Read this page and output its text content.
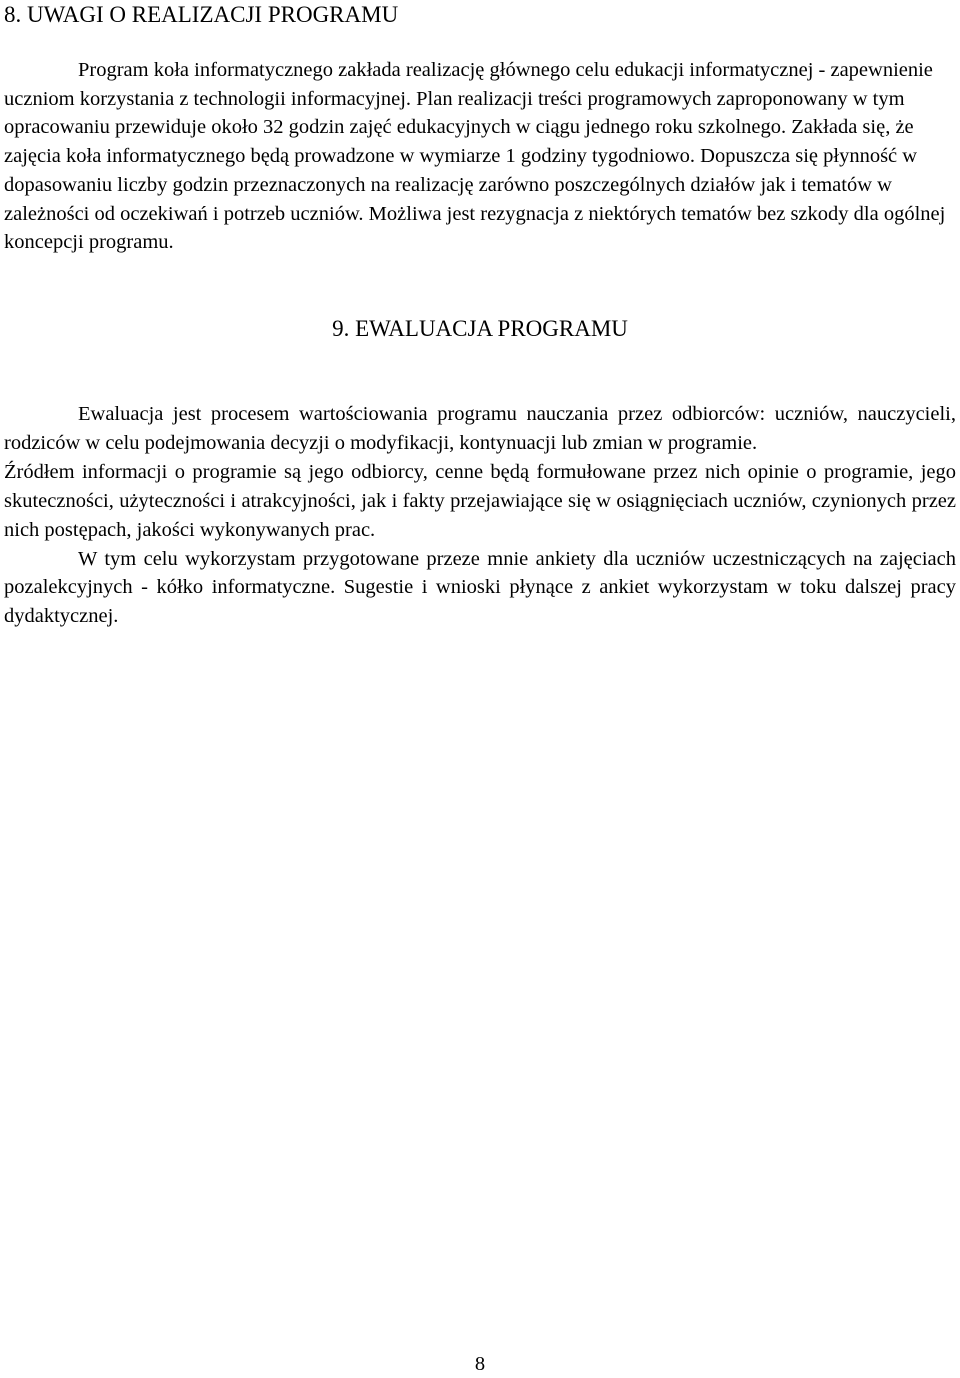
8. UWAGI O REALIZACJI PROGRAMU

Program koła informatycznego zakłada realizację głównego celu edukacji informatycznej - zapewnienie uczniom korzystania z technologii informacyjnej. Plan realizacji treści programowych zaproponowany w tym opracowaniu przewiduje około 32 godzin zajęć edukacyjnych w ciągu jednego roku szkolnego. Zakłada się, że zajęcia koła informatycznego będą prowadzone w wymiarze 1 godziny tygodniowo. Dopuszcza się płynność w dopasowaniu liczby godzin przeznaczonych na realizację zarówno poszczególnych działów jak i tematów w zależności od oczekiwań i potrzeb uczniów. Możliwa jest rezygnacja z niektórych tematów bez szkody dla ogólnej koncepcji programu.

9. EWALUACJA PROGRAMU

Ewaluacja jest procesem wartościowania programu nauczania przez odbiorców: uczniów, nauczycieli, rodziców w celu podejmowania decyzji o modyfikacji, kontynuacji lub zmian w programie.

Źródłem informacji o programie są jego odbiorcy, cenne będą formułowane przez nich opinie o programie, jego skuteczności, użyteczności i atrakcyjności, jak i fakty przejawiające się w osiągnięciach uczniów, czynionych przez nich postępach, jakości wykonywanych prac.

W tym celu wykorzystam przygotowane przeze mnie ankiety dla uczniów uczestniczących na zajęciach pozalekcyjnych - kółko informatyczne. Sugestie i wnioski płynące z ankiet wykorzystam w toku dalszej pracy dydaktycznej.

8
